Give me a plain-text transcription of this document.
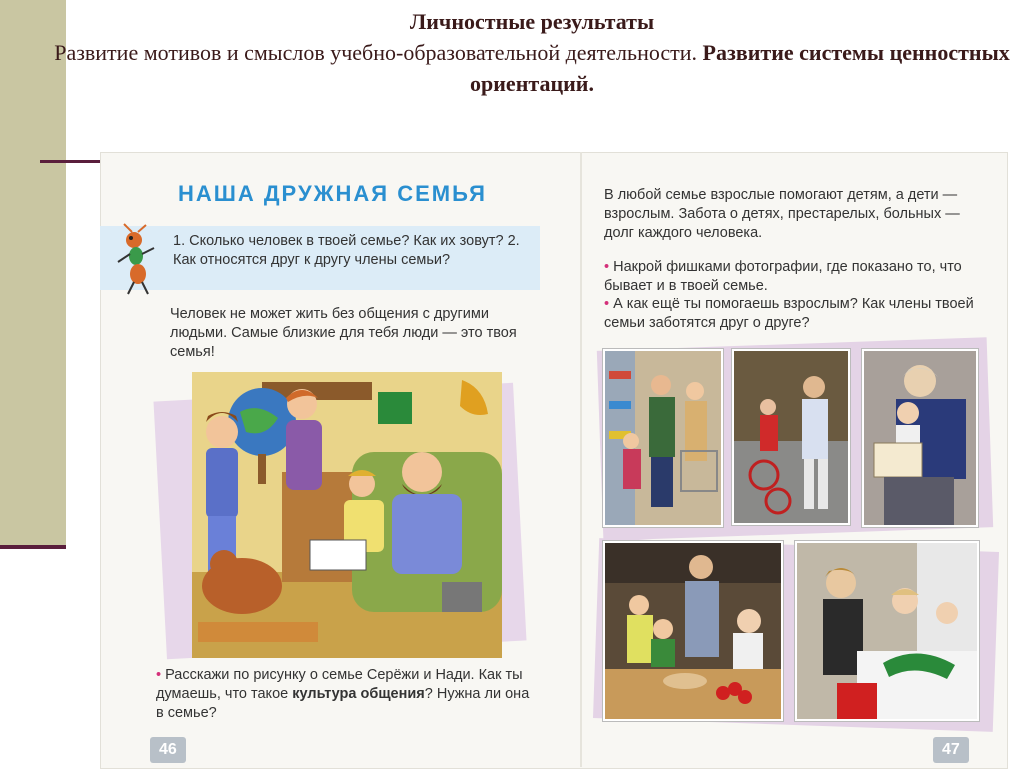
Личностные результаты
Развитие мотивов и смыслов учебно-образовательной деятельности. Развитие системы ценностных ориентаций.
НАША ДРУЖНАЯ СЕМЬЯ
1. Сколько человек в твоей семье? Как их зовут? 2. Как относятся друг к другу члены семьи?
Человек не может жить без общения с другими людьми. Самые близкие для тебя люди — это твоя семья!
• Расскажи по рисунку о семье Серёжи и Нади. Как ты думаешь, что такое культура общения? Нужна ли она в семье?
46
В любой семье взрослые помогают детям, а дети — взрослым. Забота о детях, престарелых, больных — долг каждого человека.
• Накрой фишками фотографии, где показано то, что бывает и в твоей семье.
• А как ещё ты помогаешь взрослым? Как члены твоей семьи заботятся друг о друге?
47
